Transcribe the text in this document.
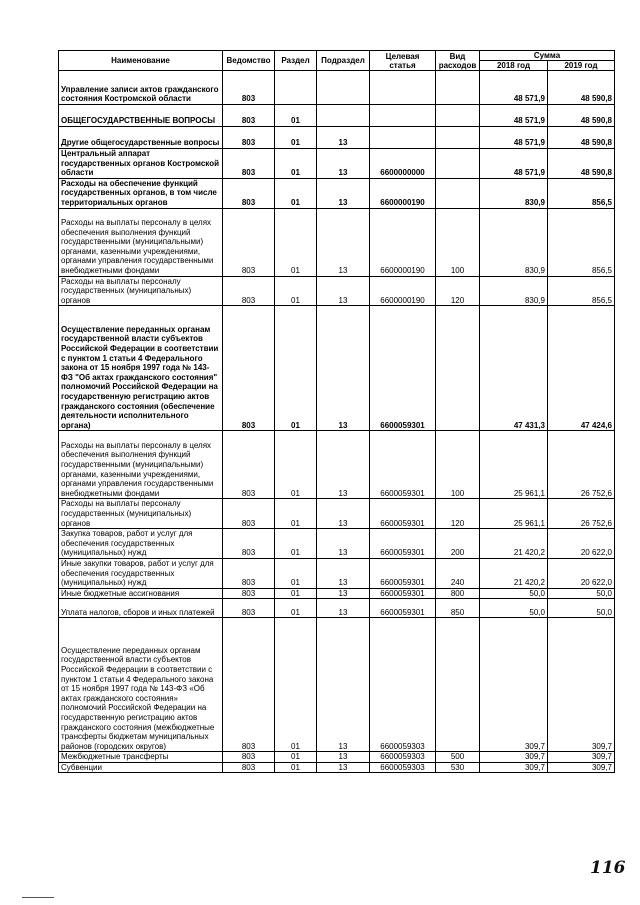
Наименование	Ведомство	Раздел	Подраздел	Целевая статья	Вид расходов	Сумма	
						2018 год	2019 год
Управление записи актов гражданского состояния Костромской области	803					48 571,9	48 590,8
ОБЩЕГОСУДАРСТВЕННЫЕ ВОПРОСЫ	803	01				48 571,9	48 590,8
Другие общегосударственные вопросы	803	01	13			48 571,9	48 590,8
Центральный аппарат государственных органов Костромской области	803	01	13	6600000000		48 571,9	48 590,8
Расходы на обеспечение функций государственных органов, в том числе территориальных органов	803	01	13	6600000190		830,9	856,5
Расходы на выплаты персоналу в целях обеспечения выполнения функций государственными (муниципальными) органами, казенными учреждениями, органами управления государственными внебюджетными фондами	803	01	13	6600000190	100	830,9	856,5
Расходы на выплаты персоналу государственных (муниципальных) органов	803	01	13	6600000190	120	830,9	856,5
Осуществление переданных органам государственной власти субъектов Российской Федерации в соответствии с пунктом 1 статьи 4 Федерального закона от 15 ноября 1997 года № 143-ФЗ "Об актах гражданского состояния" полномочий Российской Федерации на государственную регистрацию актов гражданского состояния (обеспечение деятельности исполнительного органа)	803	01	13	6600059301		47 431,3	47 424,6
Расходы на выплаты персоналу в целях обеспечения выполнения функций государственными (муниципальными) органами, казенными учреждениями, органами управления государственными внебюджетными фондами	803	01	13	6600059301	100	25 961,1	26 752,6
Расходы на выплаты персоналу государственных (муниципальных) органов	803	01	13	6600059301	120	25 961,1	26 752,6
Закупка товаров, работ и услуг для обеспечения государственных (муниципальных) нужд	803	01	13	6600059301	200	21 420,2	20 622,0
Иные закупки товаров, работ и услуг для обеспечения государственных (муниципальных) нужд	803	01	13	6600059301	240	21 420,2	20 622,0
Иные бюджетные ассигнования	803	01	13	6600059301	800	50,0	50,0
Уплата налогов, сборов и иных платежей	803	01	13	6600059301	850	50,0	50,0
Осуществление переданных органам государственной власти субъектов Российской Федерации в соответствии с пунктом 1 статьи 4 Федерального закона от 15 ноября 1997 года № 143-ФЗ «Об актах гражданского состояния» полномочий Российской Федерации на государственную регистрацию актов гражданского состояния (межбюджетные трансферты бюджетам муниципальных районов (городских округов)	803	01	13	6600059303		309,7	309,7
Межбюджетные трансферты	803	01	13	6600059303	500	309,7	309,7
Субвенции	803	01	13	6600059303	530	309,7	309,7
116
